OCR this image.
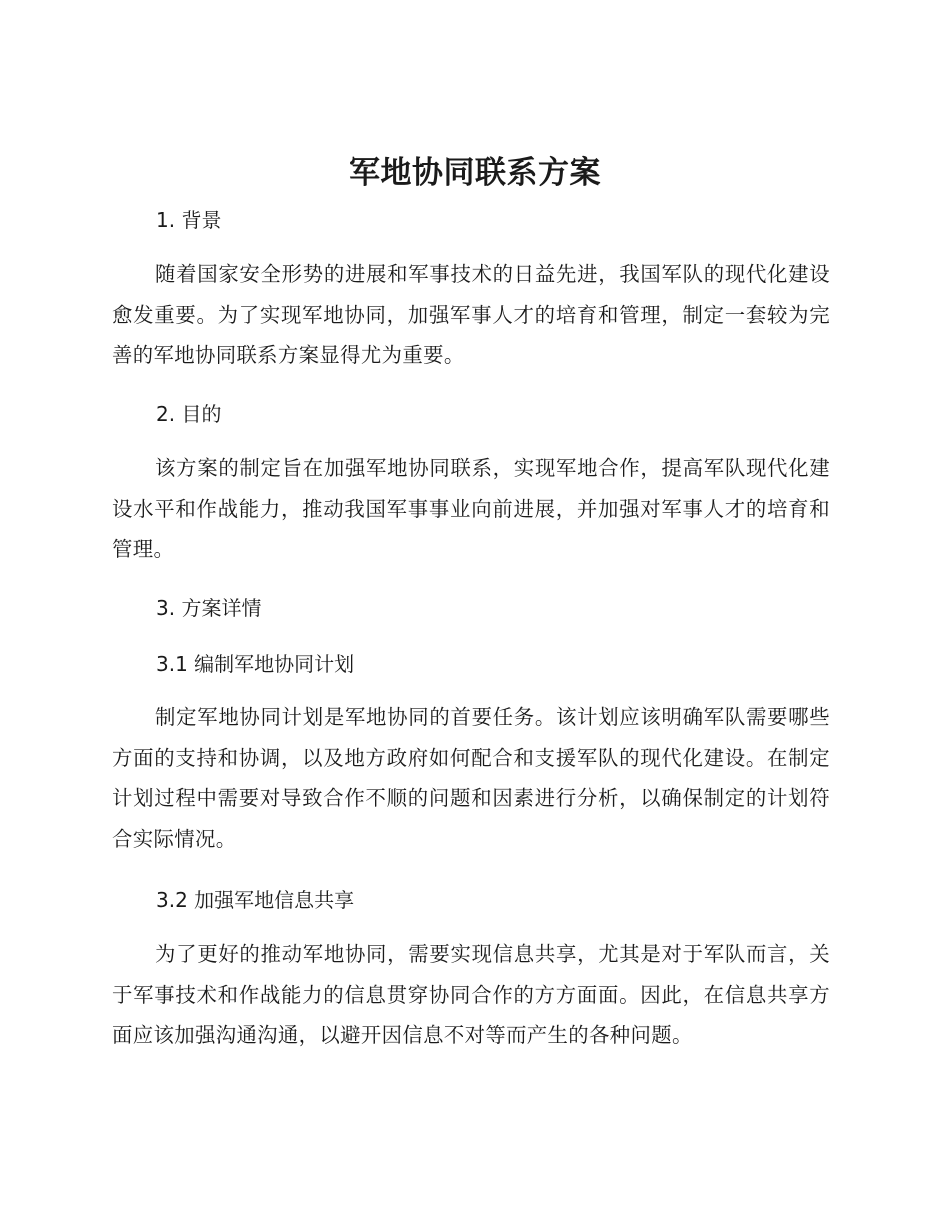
军地协同联系方案
1. 背景

随着国家安全形势的进展和军事技术的日益先进，我国军队的现代化建设愈发重要。为了实现军地协同，加强军事人才的培育和管理，制定一套较为完善的军地协同联系方案显得尤为重要。

2. 目的

该方案的制定旨在加强军地协同联系，实现军地合作，提高军队现代化建设水平和作战能力，推动我国军事事业向前进展，并加强对军事人才的培育和管理。

3. 方案详情
3.1 编制军地协同计划

制定军地协同计划是军地协同的首要任务。该计划应该明确军队需要哪些方面的支持和协调，以及地方政府如何配合和支援军队的现代化建设。在制定计划过程中需要对导致合作不顺的问题和因素进行分析，以确保制定的计划符合实际情况。

3.2 加强军地信息共享

为了更好的推动军地协同，需要实现信息共享，尤其是对于军队而言，关于军事技术和作战能力的信息贯穿协同合作的方方面面。因此，在信息共享方面应该加强沟通沟通，以避开因信息不对等而产生的各种问题。
